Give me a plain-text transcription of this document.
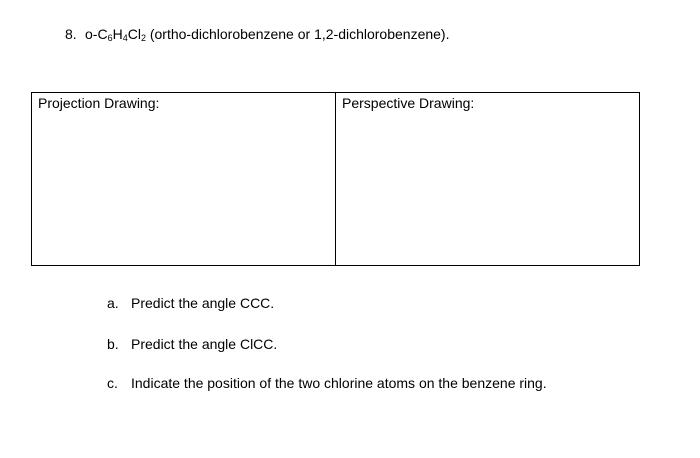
8. $o-C_6H_4Cl_2$ (ortho-dichlorobenzene or 1,2-dichlorobenzene).
Projection Drawing:	Perspective Drawing:
a. Predict the angle CCC.
b. Predict the angle ClCC.
c. Indicate the position of the two chlorine atoms on the benzene ring.
